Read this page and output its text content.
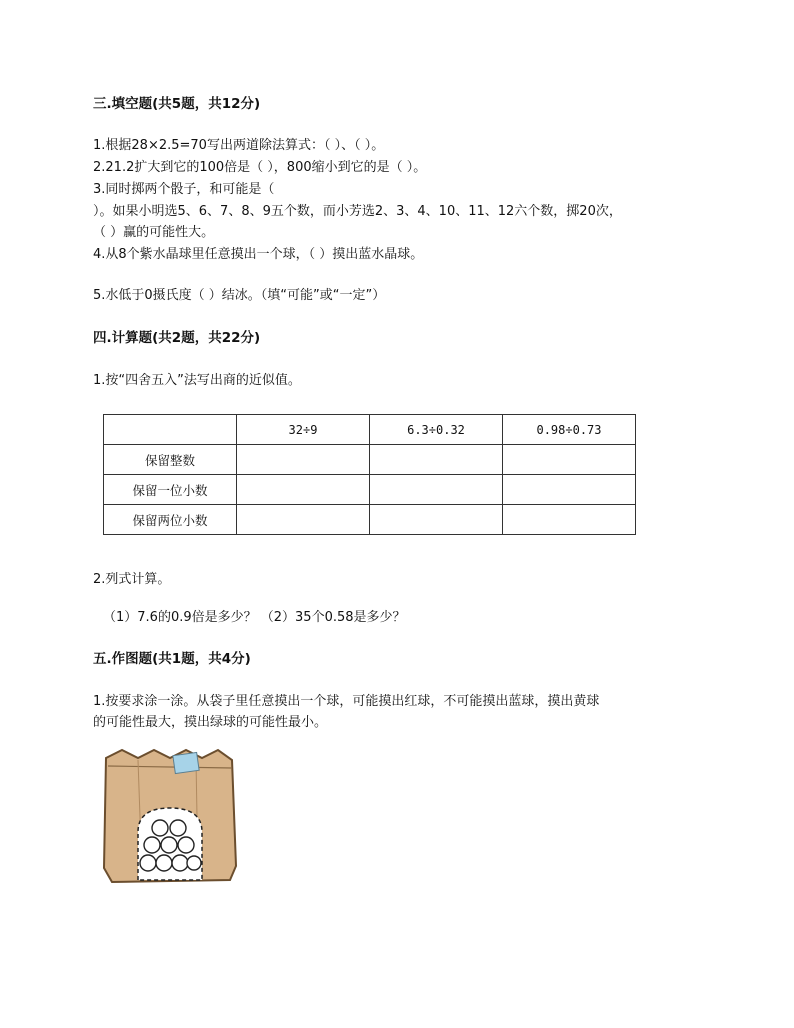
三.填空题(共5题，共12分)
1.根据28×2.5=70写出两道除法算式：（ ）、（ ）。
2.21.2扩大到它的100倍是（ ），800缩小到它的是（ ）。
3.同时掷两个骰子，和可能是（
）。如果小明选5、6、7、8、9五个数，而小芳选2、3、4、10、11、12六个数，掷20次，
（ ）赢的可能性大。
4.从8个紫水晶球里任意摸出一个球，（ ）摸出蓝水晶球。
5.水低于0摄氏度（ ）结冰。（填“可能”或“一定”）
四.计算题(共2题，共22分)
1.按“四舍五入”法写出商的近似值。
	32÷9	6.3÷0.32	0.98÷0.73
保留整数			
保留一位小数			
保留两位小数			
2.列式计算。
（1）7.6的0.9倍是多少？ （2）35个0.58是多少？
五.作图题(共1题，共4分)
1.按要求涂一涂。从袋子里任意摸出一个球，可能摸出红球，不可能摸出蓝球，摸出黄球
的可能性最大，摸出绿球的可能性最小。
